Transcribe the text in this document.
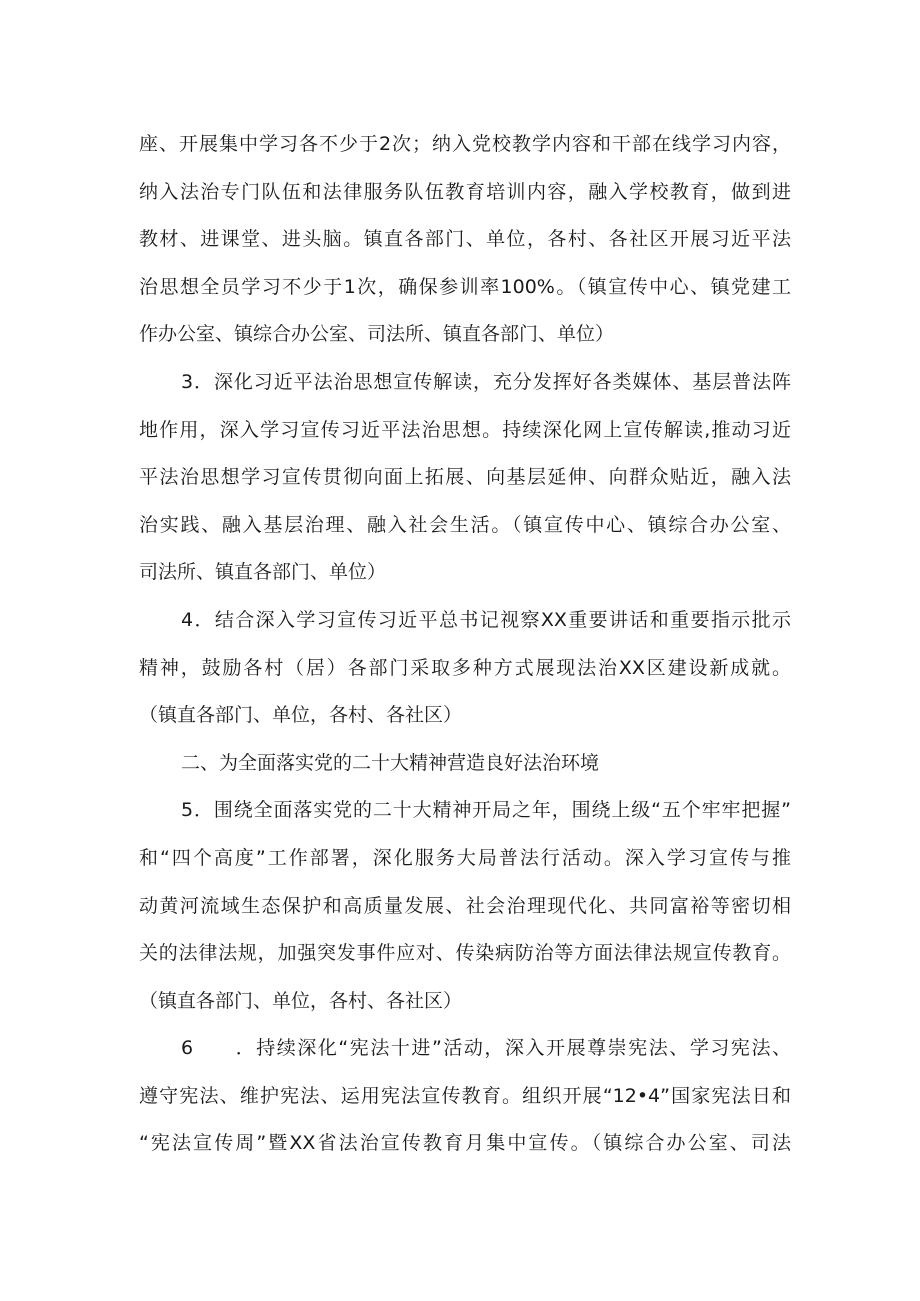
座、开展集中学习各不少于2次；纳入党校教学内容和干部在线学习内容，
纳入法治专门队伍和法律服务队伍教育培训内容，融入学校教育，做到进
教材、进课堂、进头脑。镇直各部门、单位，各村、各社区开展习近平法
治思想全员学习不少于1次，确保参训率100%。（镇宣传中心、镇党建工
作办公室、镇综合办公室、司法所、镇直各部门、单位）
3．深化习近平法治思想宣传解读，充分发挥好各类媒体、基层普法阵
地作用，深入学习宣传习近平法治思想。持续深化网上宣传解读,推动习近
平法治思想学习宣传贯彻向面上拓展、向基层延伸、向群众贴近，融入法
治实践、融入基层治理、融入社会生活。（镇宣传中心、镇综合办公室、
司法所、镇直各部门、单位）
4．结合深入学习宣传习近平总书记视察XX重要讲话和重要指示批示
精神，鼓励各村（居）各部门采取多种方式展现法治XX区建设新成就。
（镇直各部门、单位，各村、各社区）
二、为全面落实党的二十大精神营造良好法治环境
5．围绕全面落实党的二十大精神开局之年，围绕上级“五个牢牢把握”
和“四个高度”工作部署，深化服务大局普法行活动。深入学习宣传与推
动黄河流域生态保护和高质量发展、社会治理现代化、共同富裕等密切相
关的法律法规，加强突发事件应对、传染病防治等方面法律法规宣传教育。
（镇直各部门、单位，各村、各社区）
6　　．持续深化“宪法十进”活动，深入开展尊崇宪法、学习宪法、
遵守宪法、维护宪法、运用宪法宣传教育。组织开展“12•4”国家宪法日和
“宪法宣传周”暨XX省法治宣传教育月集中宣传。（镇综合办公室、司法
